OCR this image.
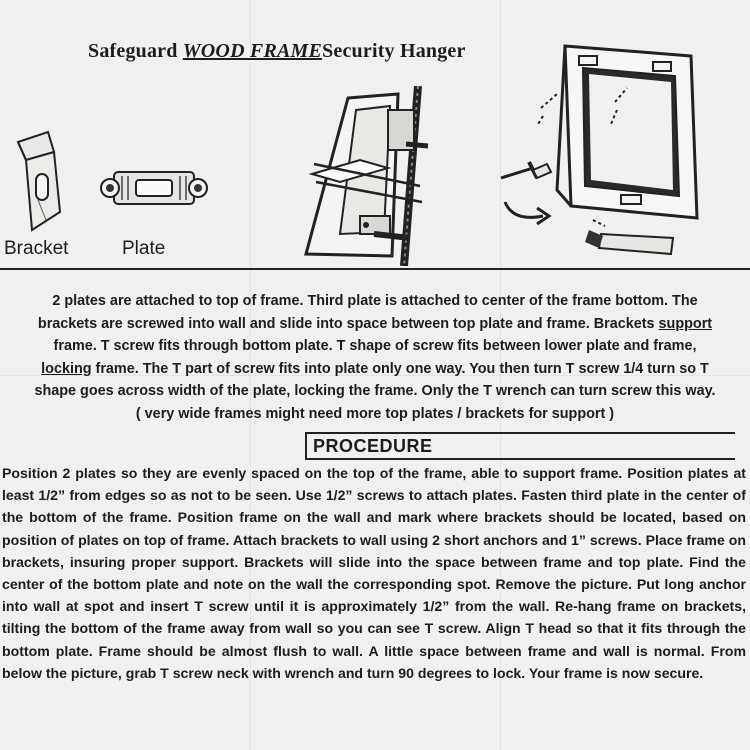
Safeguard WOOD FRAMESecurity Hanger
Bracket	Plate
2 plates are attached to top of frame. Third plate is attached to center of the frame bottom. The
brackets are screwed into wall and slide into space between top plate and frame. Brackets support
frame. T screw fits through bottom plate. T shape of screw fits between lower plate and frame,
locking frame. The T part of screw fits into plate only one way. You then turn T screw 1/4 turn so T
shape goes across width of the plate, locking the frame. Only the T wrench can turn screw this way.
( very wide frames might need more top plates / brackets for support )
PROCEDURE
Position 2 plates so they are evenly spaced on the top of the frame, able to support frame. Position plates at least 1/2” from edges so as not to be seen. Use 1/2” screws to attach plates. Fasten third plate in the center of the bottom of the frame. Position frame on the wall and mark where brackets should be located, based on position of plates on top of frame. Attach brackets to wall using 2 short anchors and 1” screws. Place frame on brackets, insuring proper support. Brackets will slide into the space between frame and top plate. Find the center of the bottom plate and note on the wall the corresponding spot. Remove the picture. Put long anchor into wall at spot and insert T screw until it is approximately 1/2” from the wall. Re-hang frame on brackets, tilting the bottom of the frame away from wall so you can see T screw. Align T head so that it fits through the bottom plate. Frame should be almost flush to wall. A little space between frame and wall is normal. From below the picture, grab T screw neck with wrench and turn 90 degrees to lock. Your frame is now secure.
